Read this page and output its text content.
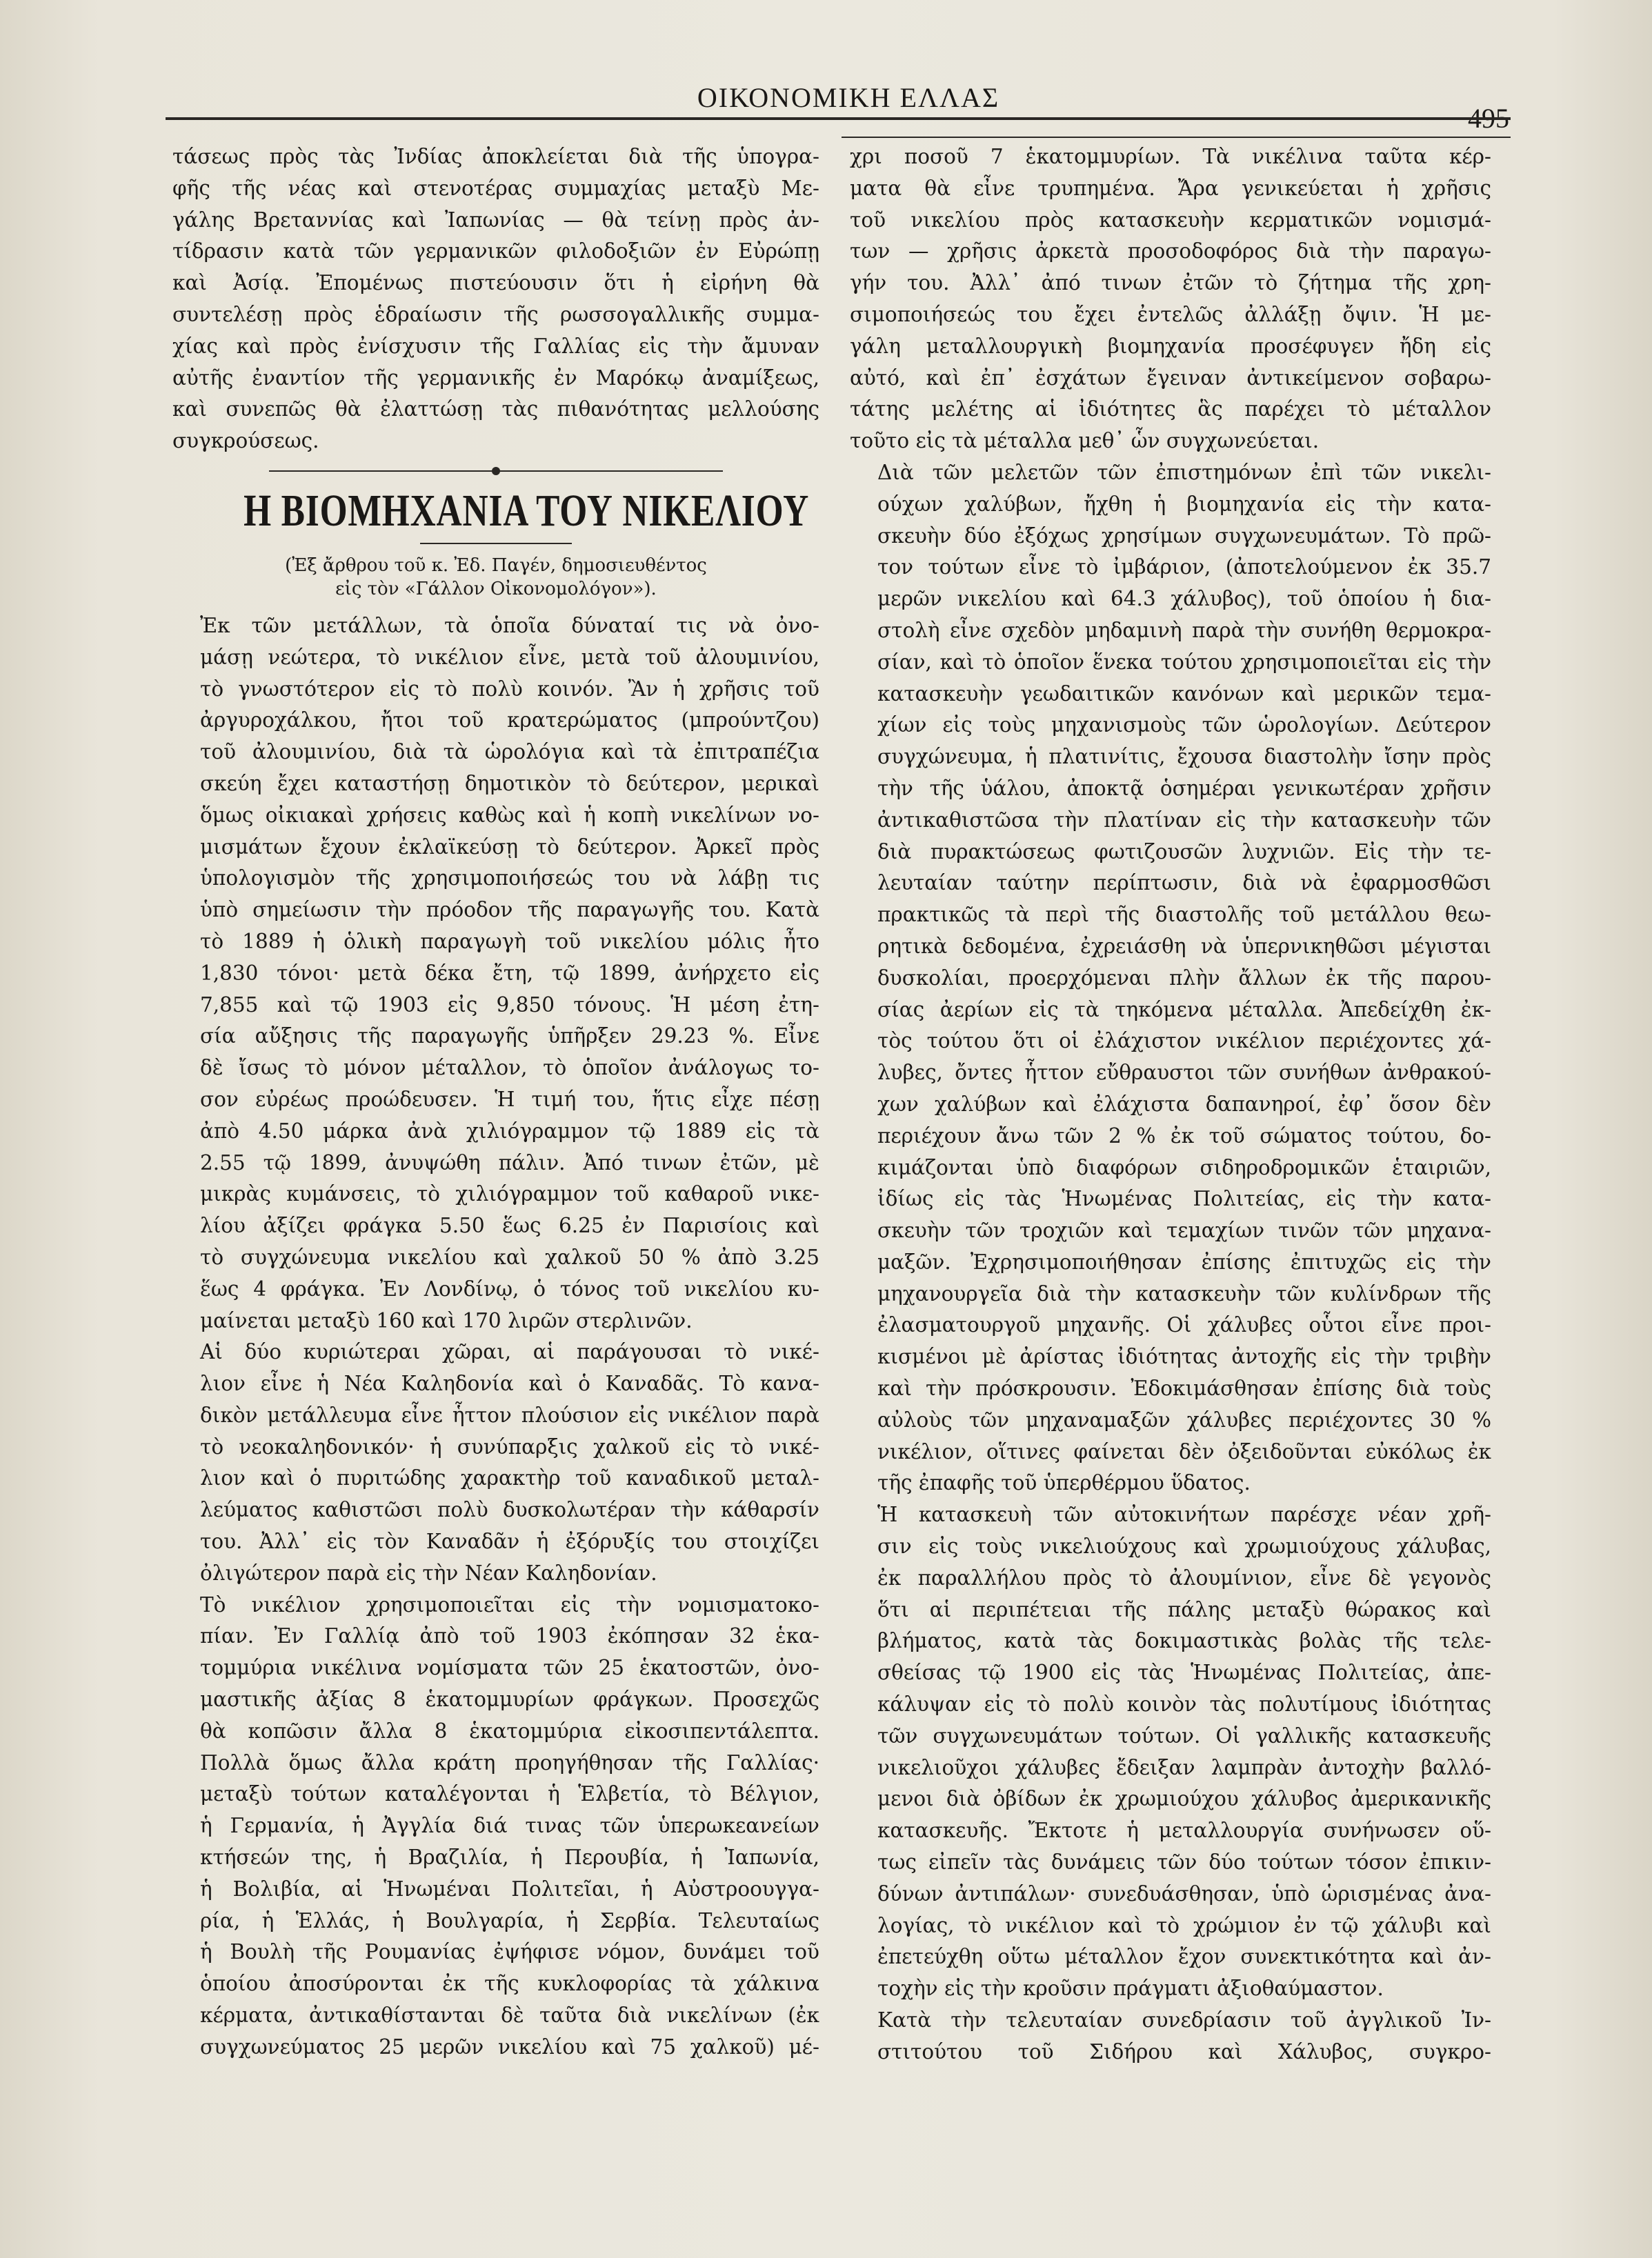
ΟΙΚΟΝΟΜΙΚΗ ΕΛΛΑΣ
495

τάσεως πρὸς τὰς Ἰνδίας ἀποκλείεται διὰ τῆς ὑπογρα-
φῆς τῆς νέας καὶ στενοτέρας συμμαχίας μεταξὺ Με-
γάλης Βρεταννίας καὶ Ἰαπωνίας — θὰ τείνῃ πρὸς ἀν-
τίδρασιν κατὰ τῶν γερμανικῶν φιλοδοξιῶν ἐν Εὐρώπῃ
καὶ Ἀσίᾳ. Ἐπομένως πιστεύουσιν ὅτι ἡ εἰρήνη θὰ
συντελέσῃ πρὸς ἑδραίωσιν τῆς ρωσσογαλλικῆς συμμα-
χίας καὶ πρὸς ἐνίσχυσιν τῆς Γαλλίας εἰς τὴν ἄμυναν
αὐτῆς ἐναντίον τῆς γερμανικῆς ἐν Μαρόκῳ ἀναμίξεως,
καὶ συνεπῶς θὰ ἐλαττώσῃ τὰς πιθανότητας μελλούσης
συγκρούσεως.

Η ΒΙΟΜΗΧΑΝΙΑ ΤΟΥ ΝΙΚΕΛΙΟΥ
(Ἐξ ἄρθρου τοῦ κ. Ἐδ. Παγέν, δημοσιευθέντος
εἰς τὸν «Γάλλον Οἰκονομολόγον»).

Ἐκ τῶν μετάλλων, τὰ ὁποῖα δύναταί τις νὰ ὀνο-
μάσῃ νεώτερα, τὸ νικέλιον εἶνε, μετὰ τοῦ ἀλουμινίου,
τὸ γνωστότερον εἰς τὸ πολὺ κοινόν. Ἂν ἡ χρῆσις τοῦ
ἀργυροχάλκου, ἤτοι τοῦ κρατερώματος (μπρούντζου)
τοῦ ἀλουμινίου, διὰ τὰ ὡρολόγια καὶ τὰ ἐπιτραπέζια
σκεύη ἔχει καταστήσῃ δημοτικὸν τὸ δεύτερον, μερικαὶ
ὅμως οἰκιακαὶ χρήσεις καθὼς καὶ ἡ κοπὴ νικελίνων νο-
μισμάτων ἔχουν ἐκλαϊκεύσῃ τὸ δεύτερον. Ἀρκεῖ πρὸς
ὑπολογισμὸν τῆς χρησιμοποιήσεώς του νὰ λάβῃ τις
ὑπὸ σημείωσιν τὴν πρόοδον τῆς παραγωγῆς του. Κατὰ
τὸ 1889 ἡ ὁλικὴ παραγωγὴ τοῦ νικελίου μόλις ἦτο
1,830 τόνοι· μετὰ δέκα ἔτη, τῷ 1899, ἀνήρχετο εἰς
7,855 καὶ τῷ 1903 εἰς 9,850 τόνους. Ἡ μέση ἐτη-
σία αὔξησις τῆς παραγωγῆς ὑπῆρξεν 29.23 %. Εἶνε
δὲ ἴσως τὸ μόνον μέταλλον, τὸ ὁποῖον ἀνάλογως το-
σον εὐρέως προώδευσεν. Ἡ τιμή του, ἥτις εἶχε πέσῃ
ἀπὸ 4.50 μάρκα ἀνὰ χιλιόγραμμον τῷ 1889 εἰς τὰ
2.55 τῷ 1899, ἀνυψώθη πάλιν. Ἀπό τινων ἐτῶν, μὲ
μικρὰς κυμάνσεις, τὸ χιλιόγραμμον τοῦ καθαροῦ νικε-
λίου ἀξίζει φράγκα 5.50 ἕως 6.25 ἐν Παρισίοις καὶ
τὸ συγχώνευμα νικελίου καὶ χαλκοῦ 50 % ἀπὸ 3.25
ἕως 4 φράγκα. Ἐν Λονδίνῳ, ὁ τόνος τοῦ νικελίου κυ-
μαίνεται μεταξὺ 160 καὶ 170 λιρῶν στερλινῶν.

Αἱ δύο κυριώτεραι χῶραι, αἱ παράγουσαι τὸ νικέ-
λιον εἶνε ἡ Νέα Καληδονία καὶ ὁ Καναδᾶς. Τὸ κανα-
δικὸν μετάλλευμα εἶνε ἧττον πλούσιον εἰς νικέλιον παρὰ
τὸ νεοκαληδονικόν· ἡ συνύπαρξις χαλκοῦ εἰς τὸ νικέ-
λιον καὶ ὁ πυριτώδης χαρακτὴρ τοῦ καναδικοῦ μεταλ-
λεύματος καθιστῶσι πολὺ δυσκολωτέραν τὴν κάθαρσίν
του. Ἀλλ᾽ εἰς τὸν Καναδᾶν ἡ ἐξόρυξίς του στοιχίζει
ὀλιγώτερον παρὰ εἰς τὴν Νέαν Καληδονίαν.

Τὸ νικέλιον χρησιμοποιεῖται εἰς τὴν νομισματοκο-
πίαν. Ἐν Γαλλίᾳ ἀπὸ τοῦ 1903 ἐκόπησαν 32 ἑκα-
τομμύρια νικέλινα νομίσματα τῶν 25 ἑκατοστῶν, ὀνο-
μαστικῆς ἀξίας 8 ἑκατομμυρίων φράγκων. Προσεχῶς
θὰ κοπῶσιν ἄλλα 8 ἑκατομμύρια εἰκοσιπεντάλεπτα.
Πολλὰ ὅμως ἄλλα κράτη προηγήθησαν τῆς Γαλλίας·
μεταξὺ τούτων καταλέγονται ἡ Ἑλβετία, τὸ Βέλγιον,
ἡ Γερμανία, ἡ Ἀγγλία διά τινας τῶν ὑπερωκεανείων
κτήσεών της, ἡ Βραζιλία, ἡ Περουβία, ἡ Ἰαπωνία,
ἡ Βολιβία, αἱ Ἡνωμέναι Πολιτεῖαι, ἡ Αὐστροουγγα-
ρία, ἡ Ἑλλάς, ἡ Βουλγαρία, ἡ Σερβία. Τελευταίως
ἡ Βουλὴ τῆς Ρουμανίας ἐψήφισε νόμον, δυνάμει τοῦ
ὁποίου ἀποσύρονται ἐκ τῆς κυκλοφορίας τὰ χάλκινα
κέρματα, ἀντικαθίστανται δὲ ταῦτα διὰ νικελίνων (ἐκ
συγχωνεύματος 25 μερῶν νικελίου καὶ 75 χαλκοῦ) μέ-

χρι ποσοῦ 7 ἑκατομμυρίων. Τὰ νικέλινα ταῦτα κέρ-
ματα θὰ εἶνε τρυπημένα. Ἄρα γενικεύεται ἡ χρῆσις
τοῦ νικελίου πρὸς κατασκευὴν κερματικῶν νομισμά-
των — χρῆσις ἀρκετὰ προσοδοφόρος διὰ τὴν παραγω-
γήν του. Ἀλλ᾽ ἀπό τινων ἐτῶν τὸ ζήτημα τῆς χρη-
σιμοποιήσεώς του ἔχει ἐντελῶς ἀλλάξῃ ὄψιν. Ἡ με-
γάλη μεταλλουργικὴ βιομηχανία προσέφυγεν ἤδη εἰς
αὐτό, καὶ ἐπ᾽ ἐσχάτων ἔγειναν ἀντικείμενον σοβαρω-
τάτης μελέτης αἱ ἰδιότητες ἃς παρέχει τὸ μέταλλον
τοῦτο εἰς τὰ μέταλλα μεθ᾽ ὧν συγχωνεύεται.

Διὰ τῶν μελετῶν τῶν ἐπιστημόνων ἐπὶ τῶν νικελι-
ούχων χαλύβων, ἤχθη ἡ βιομηχανία εἰς τὴν κατα-
σκευὴν δύο ἐξόχως χρησίμων συγχωνευμάτων. Τὸ πρῶ-
τον τούτων εἶνε τὸ ἰμβάριον, (ἀποτελούμενον ἐκ 35.7
μερῶν νικελίου καὶ 64.3 χάλυβος), τοῦ ὁποίου ἡ δια-
στολὴ εἶνε σχεδὸν μηδαμινὴ παρὰ τὴν συνήθη θερμοκρα-
σίαν, καὶ τὸ ὁποῖον ἕνεκα τούτου χρησιμοποιεῖται εἰς τὴν
κατασκευὴν γεωδαιτικῶν κανόνων καὶ μερικῶν τεμα-
χίων εἰς τοὺς μηχανισμοὺς τῶν ὡρολογίων. Δεύτερον
συγχώνευμα, ἡ πλατινίτις, ἔχουσα διαστολὴν ἴσην πρὸς
τὴν τῆς ὑάλου, ἀποκτᾷ ὁσημέραι γενικωτέραν χρῆσιν
ἀντικαθιστῶσα τὴν πλατίναν εἰς τὴν κατασκευὴν τῶν
διὰ πυρακτώσεως φωτιζουσῶν λυχνιῶν. Εἰς τὴν τε-
λευταίαν ταύτην περίπτωσιν, διὰ νὰ ἐφαρμοσθῶσι
πρακτικῶς τὰ περὶ τῆς διαστολῆς τοῦ μετάλλου θεω-
ρητικὰ δεδομένα, ἐχρειάσθη νὰ ὑπερνικηθῶσι μέγισται
δυσκολίαι, προερχόμεναι πλὴν ἄλλων ἐκ τῆς παρου-
σίας ἀερίων εἰς τὰ τηκόμενα μέταλλα. Ἀπεδείχθη ἐκ-
τὸς τούτου ὅτι οἱ ἐλάχιστον νικέλιον περιέχοντες χά-
λυβες, ὄντες ἧττον εὔθραυστοι τῶν συνήθων ἀνθρακού-
χων χαλύβων καὶ ἐλάχιστα δαπανηροί, ἐφ᾽ ὅσον δὲν
περιέχουν ἄνω τῶν 2 % ἐκ τοῦ σώματος τούτου, δο-
κιμάζονται ὑπὸ διαφόρων σιδηροδρομικῶν ἑταιριῶν,
ἰδίως εἰς τὰς Ἡνωμένας Πολιτείας, εἰς τὴν κατα-
σκευὴν τῶν τροχιῶν καὶ τεμαχίων τινῶν τῶν μηχανα-
μαξῶν. Ἐχρησιμοποιήθησαν ἐπίσης ἐπιτυχῶς εἰς τὴν
μηχανουργεῖα διὰ τὴν κατασκευὴν τῶν κυλίνδρων τῆς
ἐλασματουργοῦ μηχανῆς. Οἱ χάλυβες οὗτοι εἶνε προι-
κισμένοι μὲ ἀρίστας ἰδιότητας ἀντοχῆς εἰς τὴν τριβὴν
καὶ τὴν πρόσκρουσιν. Ἐδοκιμάσθησαν ἐπίσης διὰ τοὺς
αὐλοὺς τῶν μηχαναμαξῶν χάλυβες περιέχοντες 30 %
νικέλιον, οἵτινες φαίνεται δὲν ὀξειδοῦνται εὐκόλως ἐκ
τῆς ἐπαφῆς τοῦ ὑπερθέρμου ὕδατος.

Ἡ κατασκευὴ τῶν αὐτοκινήτων παρέσχε νέαν χρῆ-
σιν εἰς τοὺς νικελιούχους καὶ χρωμιούχους χάλυβας,
ἐκ παραλλήλου πρὸς τὸ ἀλουμίνιον, εἶνε δὲ γεγονὸς
ὅτι αἱ περιπέτειαι τῆς πάλης μεταξὺ θώρακος καὶ
βλήματος, κατὰ τὰς δοκιμαστικὰς βολὰς τῆς τελε-
σθείσας τῷ 1900 εἰς τὰς Ἡνωμένας Πολιτείας, ἀπε-
κάλυψαν εἰς τὸ πολὺ κοινὸν τὰς πολυτίμους ἰδιότητας
τῶν συγχωνευμάτων τούτων. Οἱ γαλλικῆς κατασκευῆς
νικελιοῦχοι χάλυβες ἔδειξαν λαμπρὰν ἀντοχὴν βαλλό-
μενοι διὰ ὀβίδων ἐκ χρωμιούχου χάλυβος ἀμερικανικῆς
κατασκευῆς. Ἔκτοτε ἡ μεταλλουργία συνήνωσεν οὕ-
τως εἰπεῖν τὰς δυνάμεις τῶν δύο τούτων τόσον ἐπικιν-
δύνων ἀντιπάλων· συνεδυάσθησαν, ὑπὸ ὡρισμένας ἀνα-
λογίας, τὸ νικέλιον καὶ τὸ χρώμιον ἐν τῷ χάλυβι καὶ
ἐπετεύχθη οὕτω μέταλλον ἔχον συνεκτικότητα καὶ ἀν-
τοχὴν εἰς τὴν κροῦσιν πράγματι ἀξιοθαύμαστον.

Κατὰ τὴν τελευταίαν συνεδρίασιν τοῦ ἀγγλικοῦ Ἰν-
στιτούτου τοῦ Σιδήρου καὶ Χάλυβος, συγκρο-
